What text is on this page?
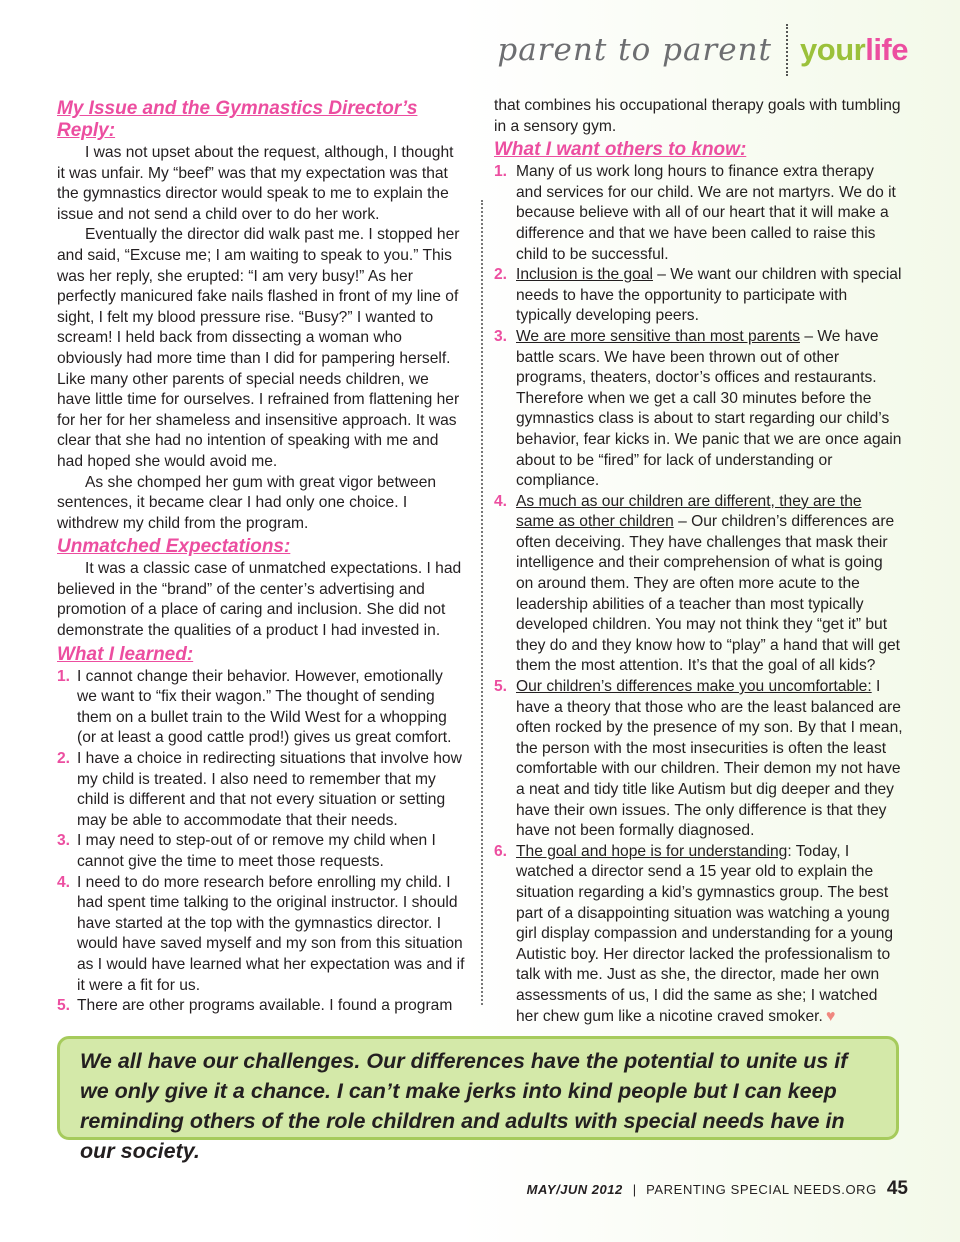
parent to parent yourlife
My Issue and the Gymnastics Director’s Reply:

I was not upset about the request, although, I thought it was unfair. My “beef” was that my expectation was that the gymnastics director would speak to me to explain the issue and not send a child over to do her work.

Eventually the director did walk past me. I stopped her and said, “Excuse me; I am waiting to speak to you.” This was her reply, she erupted: “I am very busy!” As her perfectly manicured fake nails flashed in front of my line of sight, I felt my blood pressure rise. “Busy?” I wanted to scream! I held back from dissecting a woman who obviously had more time than I did for pampering herself. Like many other parents of special needs children, we have little time for ourselves. I refrained from flattening her for her for her shameless and insensitive approach. It was clear that she had no intention of speaking with me and had hoped she would avoid me.

As she chomped her gum with great vigor between sentences, it became clear I had only one choice. I withdrew my child from the program.

Unmatched Expectations:

It was a classic case of unmatched expectations. I had believed in the “brand” of the center’s advertising and promotion of a place of caring and inclusion. She did not demonstrate the qualities of a product I had invested in.

What I learned:
1. I cannot change their behavior. However, emotionally we want to “fix their wagon.” The thought of sending them on a bullet train to the Wild West for a whopping (or at least a good cattle prod!) gives us great comfort.
2. I have a choice in redirecting situations that involve how my child is treated. I also need to remember that my child is different and that not every situation or setting may be able to accommodate that their needs.
3. I may need to step-out of or remove my child when I cannot give the time to meet those requests.
4. I need to do more research before enrolling my child. I had spent time talking to the original instructor. I should have started at the top with the gymnastics director. I would have saved myself and my son from this situation as I would have learned what her expectation was and if it were a fit for us.
5. There are other programs available. I found a program

that combines his occupational therapy goals with tumbling in a sensory gym.

What I want others to know:
1. Many of us work long hours to finance extra therapy and services for our child. We are not martyrs. We do it because believe with all of our heart that it will make a difference and that we have been called to raise this child to be successful.
2. Inclusion is the goal – We want our children with special needs to have the opportunity to participate with typically developing peers.
3. We are more sensitive than most parents – We have battle scars. We have been thrown out of other programs, theaters, doctor’s offices and restaurants. Therefore when we get a call 30 minutes before the gymnastics class is about to start regarding our child’s behavior, fear kicks in. We panic that we are once again about to be “fired” for lack of understanding or compliance.
4. As much as our children are different, they are the same as other children – Our children’s differences are often deceiving. They have challenges that mask their intelligence and their comprehension of what is going on around them. They are often more acute to the leadership abilities of a teacher than most typically developed children. You may not think they “get it” but they do and they know how to “play” a hand that will get them the most attention. It’s that the goal of all kids?
5. Our children’s differences make you uncomfortable: I have a theory that those who are the least balanced are often rocked by the presence of my son. By that I mean, the person with the most insecurities is often the least comfortable with our children. Their demon my not have a neat and tidy title like Autism but dig deeper and they have their own issues. The only difference is that they have not been formally diagnosed.
6. The goal and hope is for understanding: Today, I watched a director send a 15 year old to explain the situation regarding a kid’s gymnastics group. The best part of a disappointing situation was watching a young girl display compassion and understanding for a young Autistic boy. Her director lacked the professionalism to talk with me. Just as she, the director, made her own assessments of us, I did the same as she; I watched her chew gum like a nicotine craved smoker. ♥
We all have our challenges. Our differences have the potential to unite us if we only give it a chance. I can’t make jerks into kind people but I can keep reminding others of the role children and adults with special needs have in our society.
MAY/JUN 2012 | PARENTING SPECIAL NEEDS.ORG 45
